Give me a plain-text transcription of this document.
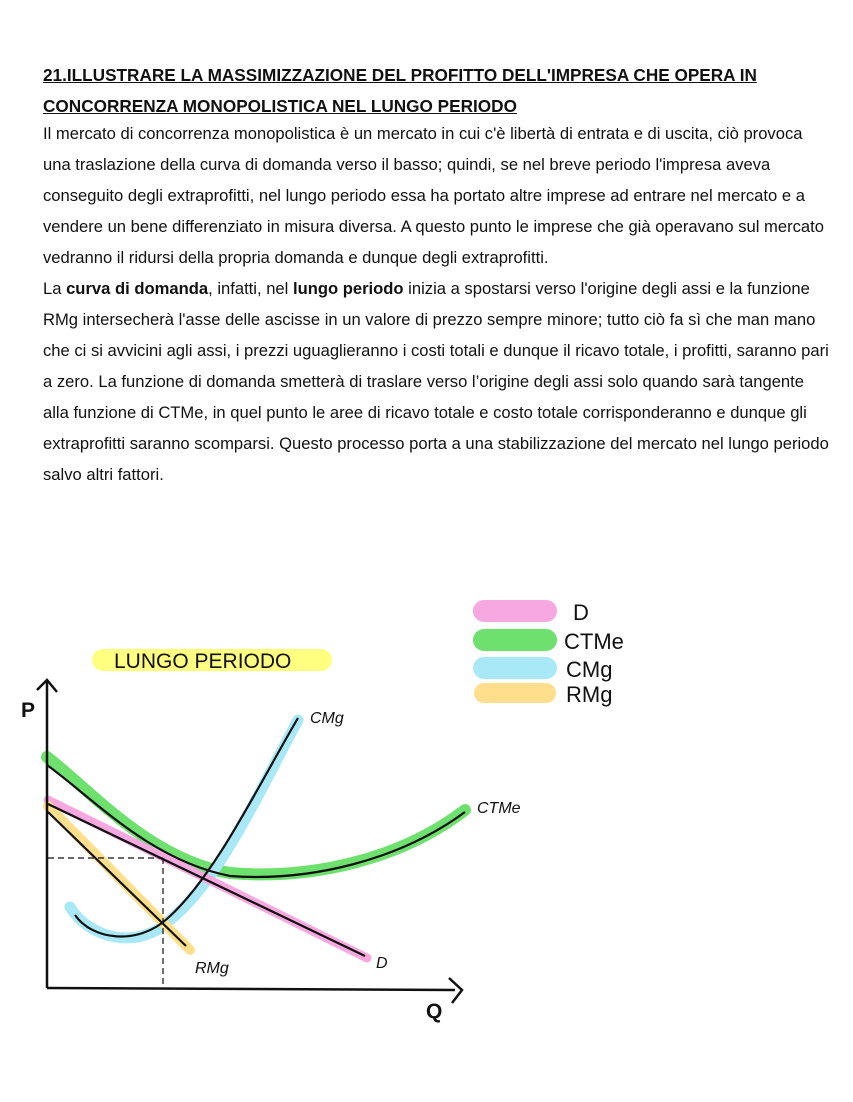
21.ILLUSTRARE LA MASSIMIZZAZIONE DEL PROFITTO DELL'IMPRESA CHE OPERA IN CONCORRENZA MONOPOLISTICA NEL LUNGO PERIODO

Il mercato di concorrenza monopolistica è un mercato in cui c'è libertà di entrata e di uscita, ciò provoca una traslazione della curva di domanda verso il basso; quindi, se nel breve periodo l'impresa aveva conseguito degli extraprofitti, nel lungo periodo essa ha portato altre imprese ad entrare nel mercato e a vendere un bene differenziato in misura diversa. A questo punto le imprese che già operavano sul mercato vedranno il ridursi della propria domanda e dunque degli extraprofitti.

La curva di domanda, infatti, nel lungo periodo inizia a spostarsi verso l'origine degli assi e la funzione RMg intersecherà l'asse delle ascisse in un valore di prezzo sempre minore; tutto ciò fa sì che man mano che ci si avvicini agli assi, i prezzi uguaglieranno i costi totali e dunque il ricavo totale, i profitti, saranno pari a zero. La funzione di domanda smetterà di traslare verso l’origine degli assi solo quando sarà tangente alla funzione di CTMe, in quel punto le aree di ricavo totale e costo totale corrisponderanno e dunque gli extraprofitti saranno scomparsi. Questo processo porta a una stabilizzazione del mercato nel lungo periodo salvo altri fattori.

D
CTMe
CMg
RMg
LUNGO PERIODO
P
Q
CMg
CTMe
RMg	D
